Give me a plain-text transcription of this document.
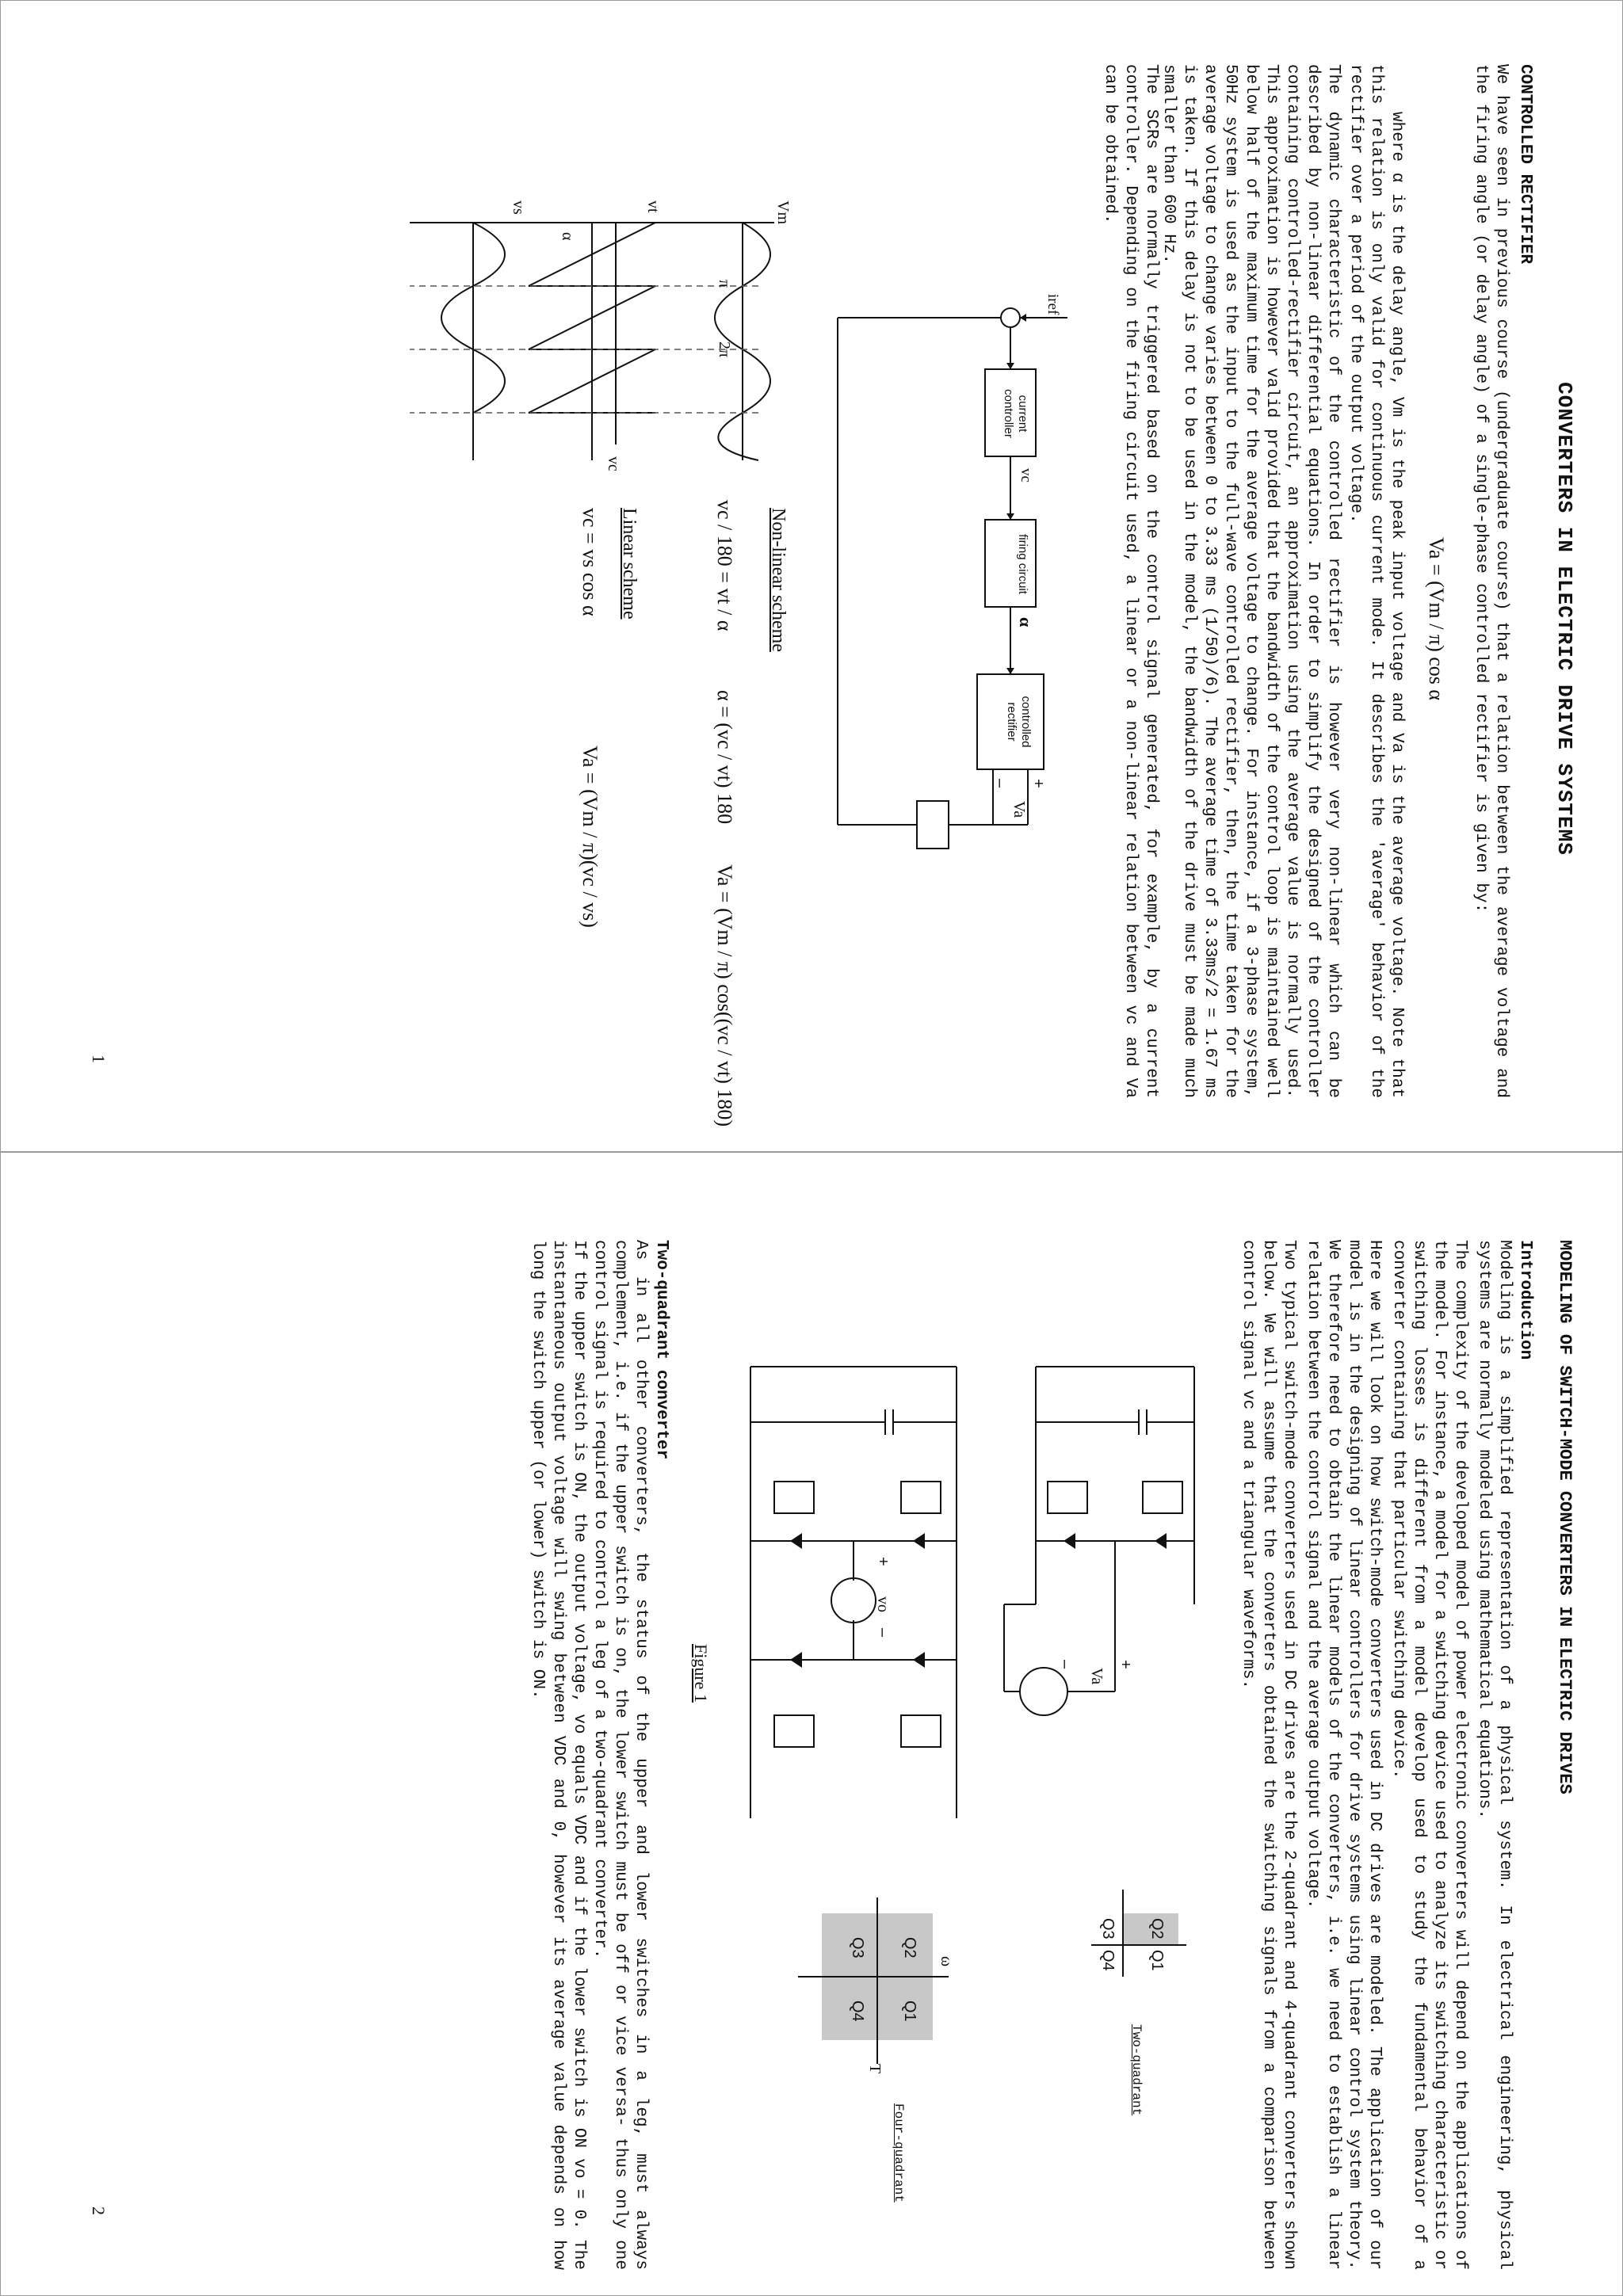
CONVERTERS IN ELECTRIC DRIVE SYSTEMS
CONTROLLED RECTIFIER
We have seen in previous course (undergraduate course) that a relation between the average voltage and the firing angle (or delay angle) of a single-phase controlled rectifier is given by:
Va = (Vm / π) cos α
where α is the delay angle, Vm is the peak input voltage and Va is the average voltage. Note that this relation is only valid for continuous current mode. It describes the 'average' behavior of the rectifier over a period of the output voltage.
The dynamic characteristic of the controlled rectifier is however very non-linear which can be described by non-linear differential equations. In order to simplify the designed of the controller containing controlled-rectifier circuit, an approximation using the average value is normally used. This approximation is however valid provided that the bandwidth of the control loop is maintained well below half of the maximum time for the average voltage to change. For instance, if a 3-phase system, 50Hz system is used as the input to the full-wave controlled rectifier, then, the time taken for the average voltage to change varies between 0 to 3.33 ms (1/50)/6). The average time of 3.33ms/2 = 1.67 ms is taken. If this delay is not to be used in the model, the bandwidth of the drive must be made much smaller than 600 Hz.
The SCRs are normally triggered based on the control signal generated, for example, by a current controller. Depending on the firing circuit used, a linear or a non-linear relation between vc and Va can be obtained.
iref
current controller
vc
firing circuit
α
controlled rectifier
+
–
Va
Vm
vt
vs
vc
π
2π
α
Non-linear scheme
vc / 180 = vt / α
α = (vc / vt) 180
Va = (Vm / π) cos((vc / vt) 180)
Linear scheme
vc = vs cos α
Va = (Vm / π)(vc / vs)
1
MODELING OF SWITCH-MODE CONVERTERS IN ELECTRIC DRIVES
Introduction
Modeling is a simplified representation of a physical system. In electrical engineering, physical systems are normally modeled using mathematical equations.
The complexity of the developed model of power electronic converters will depend on the applications of the model. For instance, a model for a switching device used to analyze its switching characteristic or switching losses is different from a model develop used to study the fundamental behavior of a converter containing that particular switching device.
Here we will look on how switch-mode converters used in DC drives are modeled. The application of our model is in the designing of linear controllers for drive systems using linear control system theory. We therefore need to obtain the linear models of the converters, i.e. we need to establish a linear relation between the control signal and the average output voltage.
Two typical switch-mode converters used in DC drives are the 2-quadrant and 4-quadrant converters shown below. We will assume that the converters obtained the switching signals from a comparison between control signal vc and a triangular waveforms.
+
Va
–
Q2
Q1
Q3
Q4
Two-quadrant
+
vo
–
Q2
Q1
Q3
Q4
ω
T
Four-quadrant
Figure 1
Two-quadrant converter
As in all other converters, the status of the upper and lower switches in a leg, must always complement, i.e. if the upper switch is on, the lower switch must be off or vice versa- thus only one control signal is required to control a leg of a two-quadrant converter.
If the upper switch is ON, the output voltage, vo equals VDC and if the lower switch is ON vo = 0. The instantaneous output voltage will swing between VDC and 0, however its average value depends on how long the switch upper (or lower) switch is ON.
2
